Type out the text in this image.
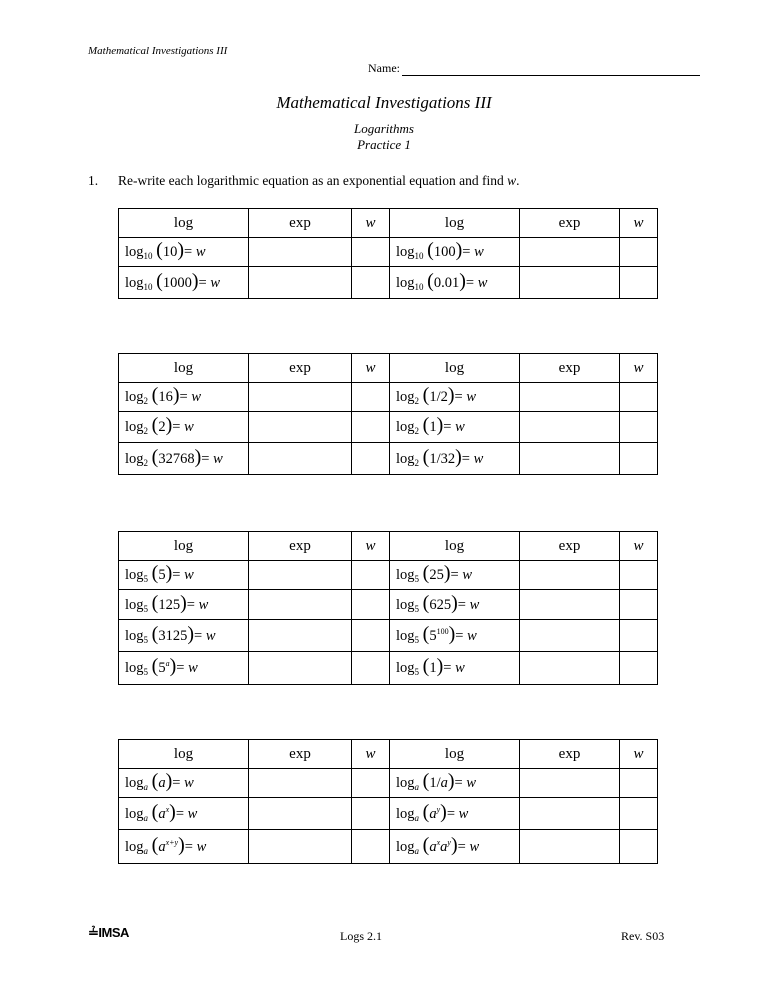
Mathematical Investigations III
Name:
Mathematical Investigations III
Logarithms
Practice 1
1. Re-write each logarithmic equation as an exponential equation and find w.
log	exp	w	log	exp	w
$\log_{10} (10)= w$			$\log_{10} (100)= w$		
$\log_{10} (1000)= w$			$\log_{10} (0.01)= w$		
log	exp	w	log	exp	w
$\log_2 (16)= w$			$\log_2 (1/2)= w$		
$\log_2 (2)= w$			$\log_2 (1)= w$		
$\log_2 (32768)= w$			$\log_2 (1/32)= w$		
log	exp	w	log	exp	w
$\log_5 (5)= w$			$\log_5 (25)= w$		
$\log_5 (125)= w$			$\log_5 (625)= w$		
$\log_5 (3125)= w$			$\log_5 (5^{100})= w$		
$\log_5 (5^a)= w$			$\log_5 (1)= w$		
log	exp	w	log	exp	w
$\log_a (a)= w$			$\log_a (1/a)= w$		
$\log_a (a^x)= w$			$\log_a (a^y)= w$		
$\log_a (a^{x+y})= w$			$\log_a (a^xa^y)= w$		
≟IMSA	Logs 2.1	Rev. S03
